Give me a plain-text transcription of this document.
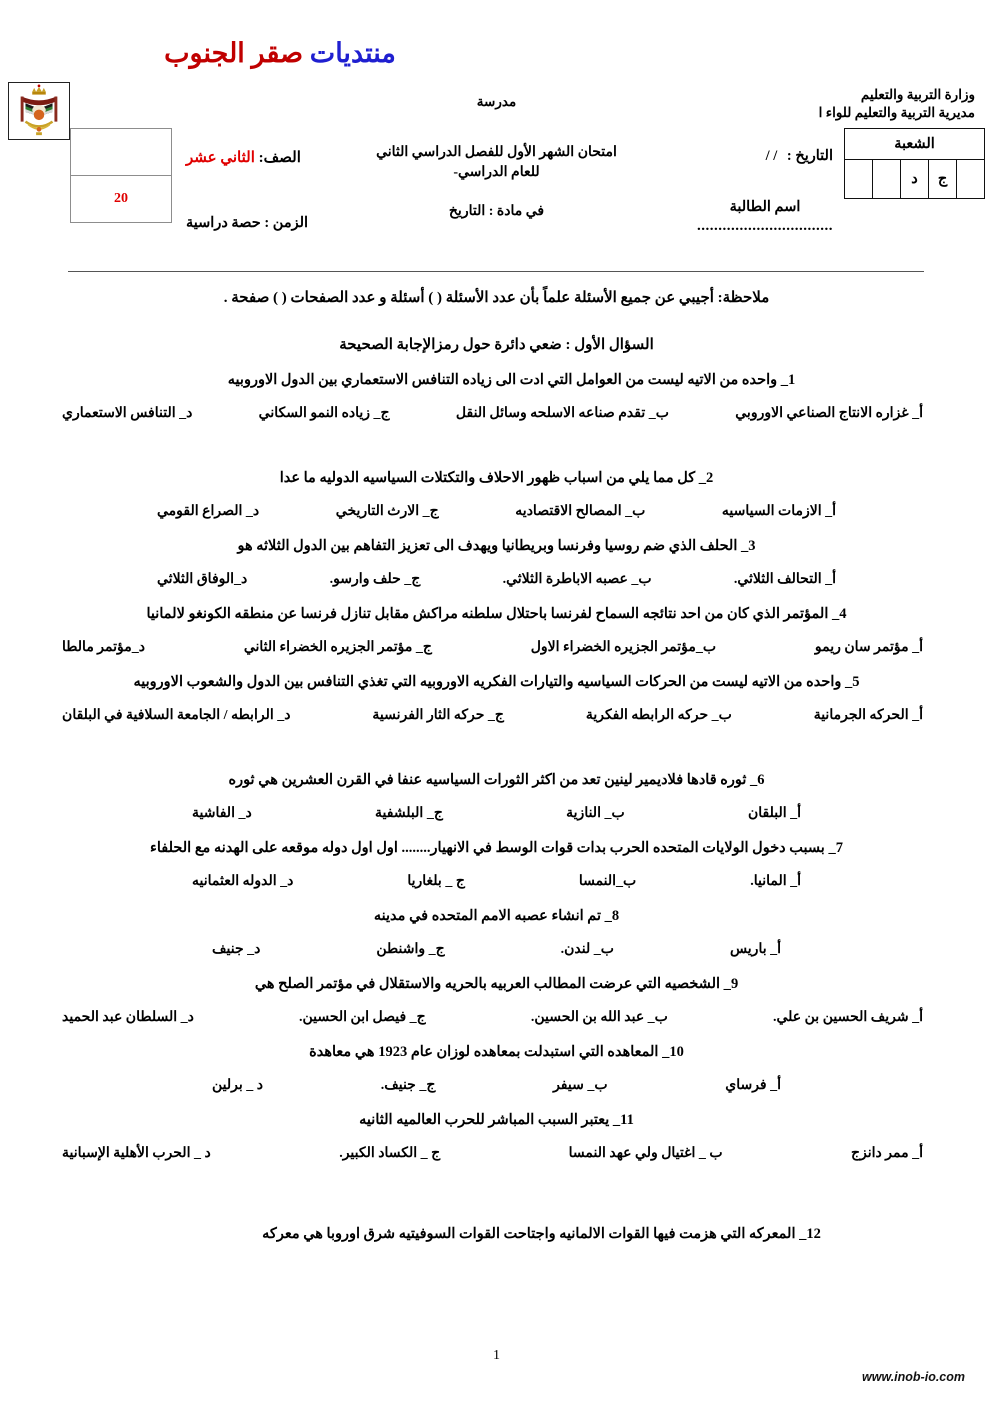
منتديات صقر الجنوب
وزارة التربية والتعليم
مديرية التربية والتعليم للواء ا
الشعبة
	ج	د		
التاريخ : / /
اسم الطالبة
................................
مدرسة
امتحان الشهر الأول للفصل الدراسي الثاني
للعام الدراسي-
في مادة : التاريخ
الصف: الثاني عشر
الزمن : حصة دراسية

20

ملاحظة: أجيبي عن جميع الأسئلة علماً بأن عدد الأسئلة ( ) أسئلة و عدد الصفحات ( ) صفحة .

السؤال الأول : ضعي دائرة حول رمزالإجابة الصحيحة

1_ واحده من الاتيه ليست من العوامل التي ادت الى زياده التنافس الاستعماري بين الدول الاوروبيه

أ_ غزاره الانتاج الصناعي الاوروبي
ب_ تقدم صناعه الاسلحه وسائل النقل
ج_ زياده النمو السكاني
د_ التنافس الاستعماري

2_ كل مما يلي من اسباب ظهور الاحلاف والتكتلات السياسيه الدوليه ما عدا

أ_ الازمات السياسيه
ب_ المصالح الاقتصاديه
ج_ الارث التاريخي
د_ الصراع القومي

3_ الحلف الذي ضم روسيا وفرنسا وبريطانيا ويهدف الى تعزيز التفاهم بين الدول الثلاثه هو

أ_ التحالف الثلاثي.
ب_ عصبه الاباطرة الثلاثي.
ج_ حلف وارسو.
د_الوفاق الثلاثي

4_ المؤتمر الذي كان من احد نتائجه السماح لفرنسا باحتلال سلطنه مراكش مقابل تنازل فرنسا عن منطقه الكونغو لالمانيا

أ_ مؤتمر سان ريمو
ب_مؤتمر الجزيره الخضراء الاول
ج_ مؤتمر الجزيره الخضراء الثاني
د_مؤتمر مالطا

5_ واحده من الاتيه ليست من الحركات السياسيه والتيارات الفكريه الاوروبيه التي تغذي التنافس بين الدول والشعوب الاوروبيه

أ_ الحركه الجرمانية
ب_ حركه الرابطه الفكرية
ج_ حركه الثار الفرنسية
د_ الرابطه / الجامعة السلافية في البلقان

6_ ثوره قادها فلاديمير لينين تعد من اكثر الثورات السياسيه عنفا في القرن العشرين هي ثوره

أ_ البلقان
ب_ النازية
ج_ البلشفية
د_ الفاشية

7_ بسبب دخول الولايات المتحده الحرب بدات قوات الوسط في الانهيار........ اول اول دوله موقعه على الهدنه مع الحلفاء

أ_ المانيا.
ب_النمسا
ج _ بلغاريا
د_ الدوله العثمانيه

8_ تم انشاء عصبه الامم المتحده في مدينه

أ_ باريس
ب_ لندن.
ج_ واشنطن
د_ جنيف

9_ الشخصيه التي عرضت المطالب العربيه بالحريه والاستقلال في مؤتمر الصلح هي

أ_ شريف الحسين بن علي.
ب_ عبد الله بن الحسين.
ج_ فيصل ابن الحسين.
د_ السلطان عبد الحميد

10_ المعاهده التي استبدلت بمعاهده لوزان عام 1923 هي معاهدة

أ_ فرساي
ب_ سيفر
ج_ جنيف.
د _ برلين

11_ يعتبر السبب المباشر للحرب العالميه الثانيه

أ_ ممر دانزج
ب _ اغتيال ولي عهد النمسا
ج _ الكساد الكبير.
د _ الحرب الأهلية الإسبانية

12_ المعركه التي هزمت فيها القوات الالمانيه واجتاحت القوات السوفيتيه شرق اوروبا هي معركه

1
www.inob-io.com
